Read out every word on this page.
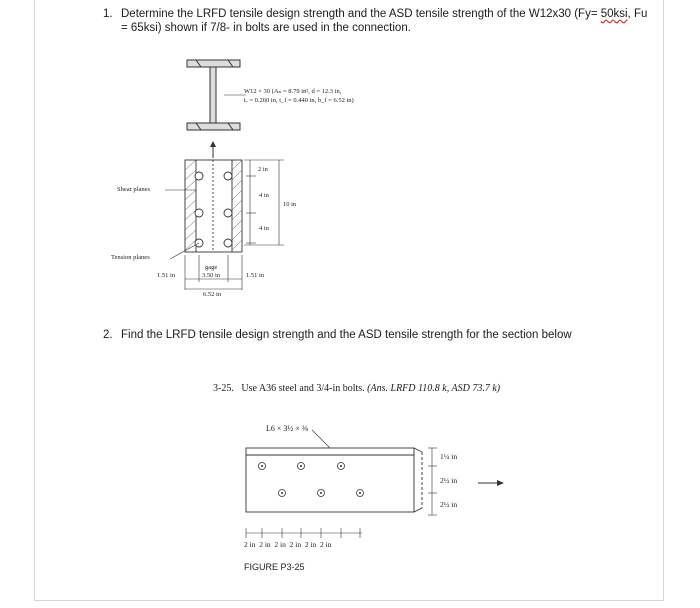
1. Determine the LRFD tensile design strength and the ASD tensile strength of the W12x30 (Fy= 50ksi, Fu
= 65ksi) shown if 7/8- in bolts are used in the connection.
W12 × 30 (Aₙ = 8.79 in², d = 12.3 in,
tᵥ = 0.260 in, t_f = 0.440 in, b_f = 6.52 in)
Shear planes
Tension planes
2 in
4 in
4 in
10 in
1.51 in	1.51 in
gage
3.50 in
6.52 in
2. Find the LRFD tensile design strength and the ASD tensile strength for the section below
3-25. Use A36 steel and 3/4-in bolts. (Ans. LRFD 110.8 k, ASD 73.7 k)
L6 × 3½ × ⅜
1¼ in
2½ in
2½ in
2 in  2 in  2 in  2 in  2 in  2 in
FIGURE P3-25
